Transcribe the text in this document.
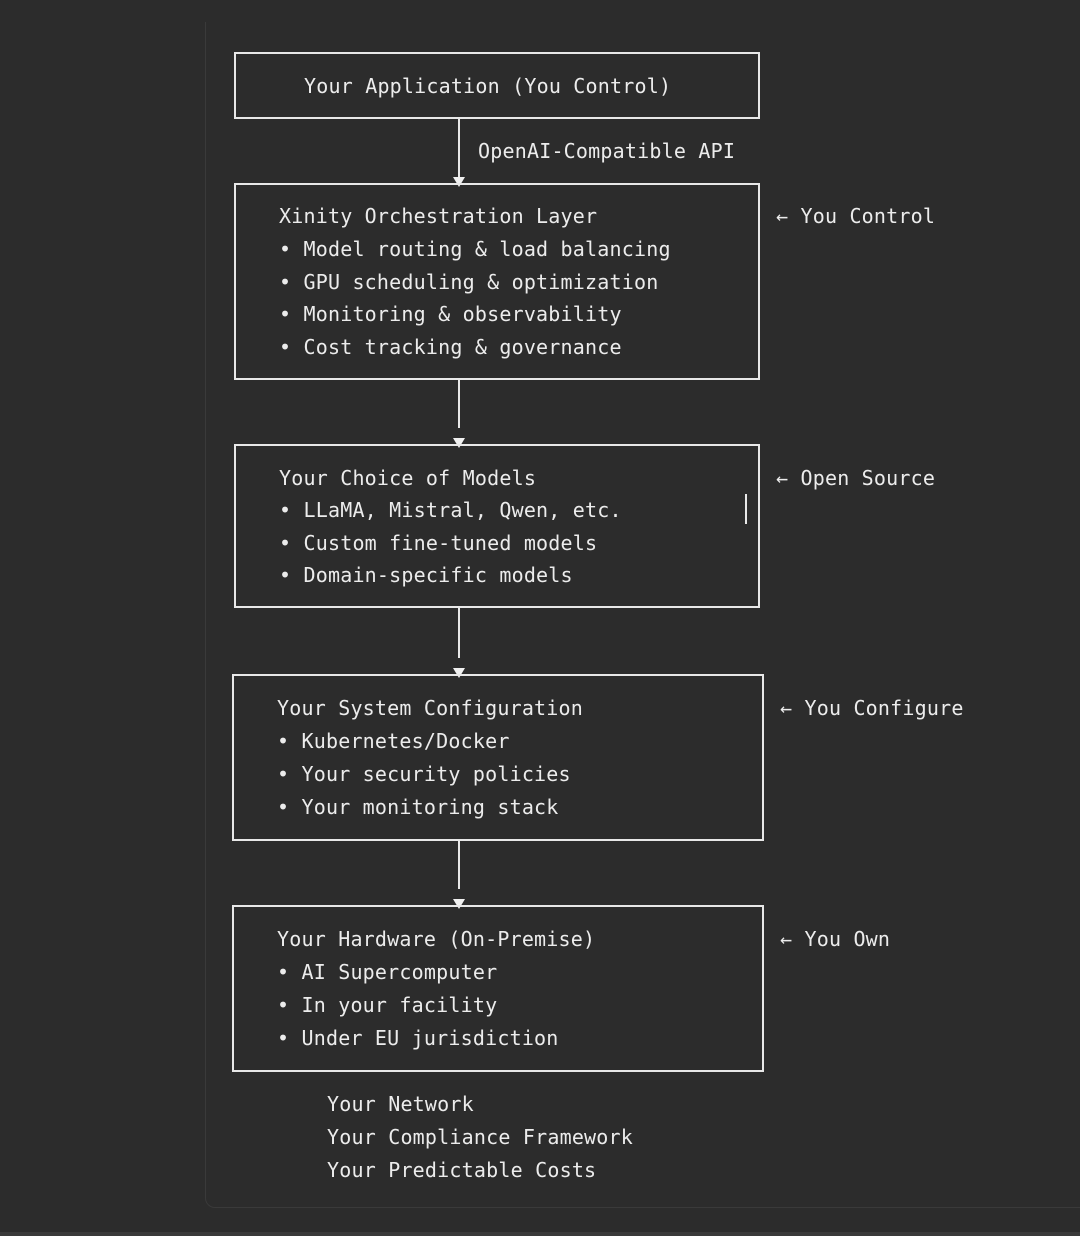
Your Application (You Control)
OpenAI-Compatible API
Xinity Orchestration Layer
• Model routing & load balancing
• GPU scheduling & optimization
• Monitoring & observability
• Cost tracking & governance
← You Control
Your Choice of Models
• LLaMA, Mistral, Qwen, etc.
• Custom fine-tuned models
• Domain-specific models
← Open Source
Your System Configuration
• Kubernetes/Docker
• Your security policies
• Your monitoring stack
← You Configure
Your Hardware (On-Premise)
• AI Supercomputer
• In your facility
• Under EU jurisdiction
← You Own
Your Network
Your Compliance Framework
Your Predictable Costs
